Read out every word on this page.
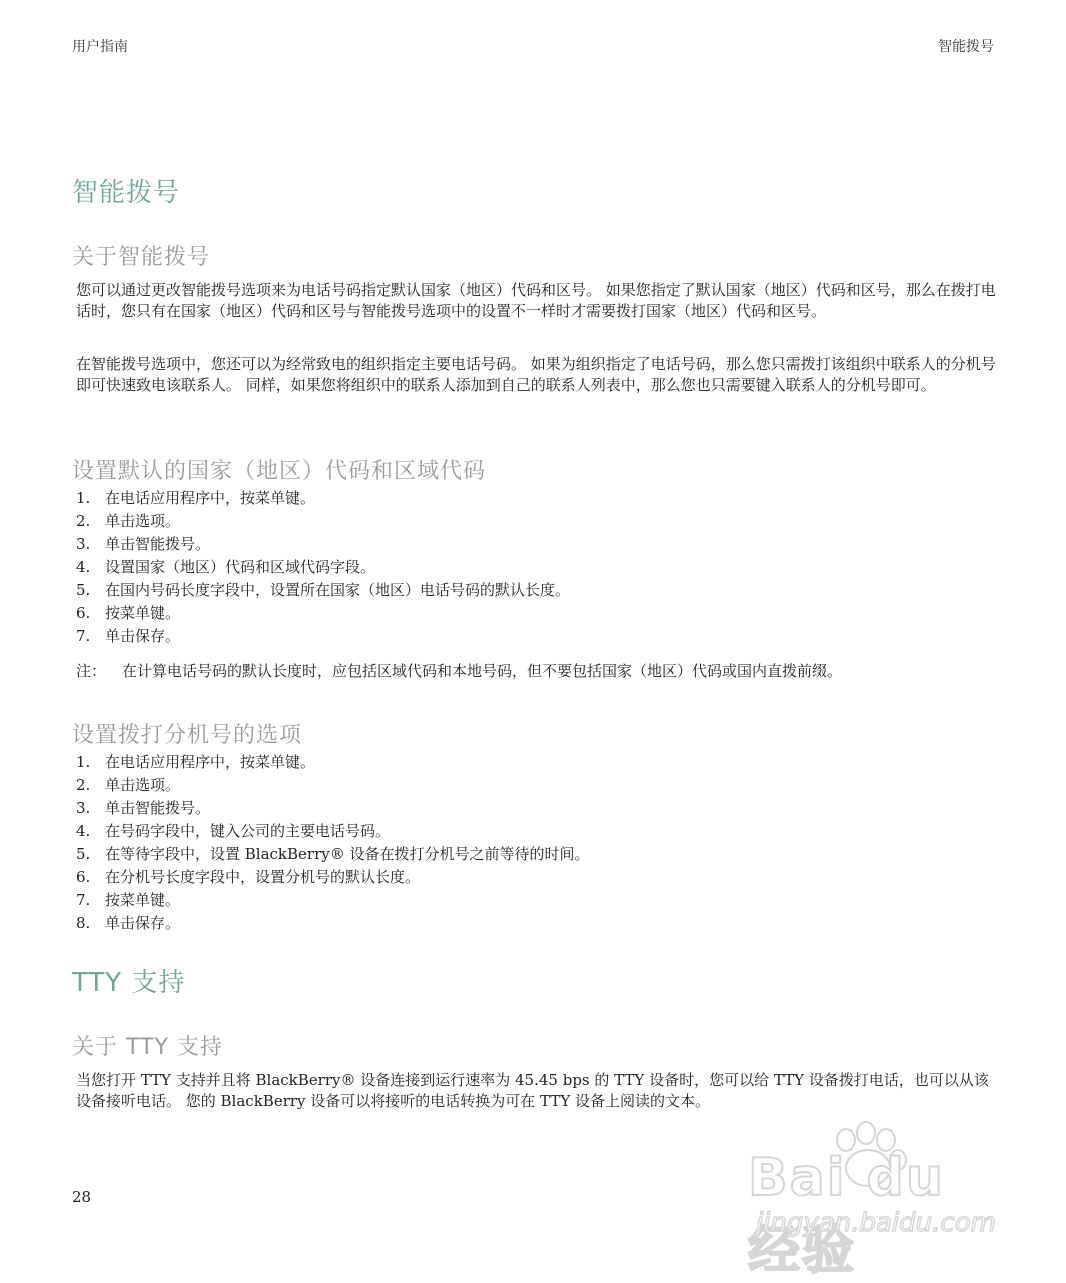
用户指南	智能拨号
智能拨号
关于智能拨号

您可以通过更改智能拨号选项来为电话号码指定默认国家（地区）代码和区号。 如果您指定了默认国家（地区）代码和区号，那么在拨打电话时，您只有在国家（地区）代码和区号与智能拨号选项中的设置不一样时才需要拨打国家（地区）代码和区号。

在智能拨号选项中，您还可以为经常致电的组织指定主要电话号码。 如果为组织指定了电话号码，那么您只需拨打该组织中联系人的分机号即可快速致电该联系人。 同样，如果您将组织中的联系人添加到自己的联系人列表中，那么您也只需要键入联系人的分机号即可。

设置默认的国家（地区）代码和区域代码
1. 在电话应用程序中，按菜单键。
2. 单击选项。
3. 单击智能拨号。
4. 设置国家（地区）代码和区域代码字段。
5. 在国内号码长度字段中，设置所在国家（地区）电话号码的默认长度。
6. 按菜单键。
7. 单击保存。

注： 在计算电话号码的默认长度时，应包括区域代码和本地号码，但不要包括国家（地区）代码或国内直拨前缀。

设置拨打分机号的选项
1. 在电话应用程序中，按菜单键。
2. 单击选项。
3. 单击智能拨号。
4. 在号码字段中，键入公司的主要电话号码。
5. 在等待字段中，设置 BlackBerry® 设备在拨打分机号之前等待的时间。
6. 在分机号长度字段中，设置分机号的默认长度。
7. 按菜单键。
8. 单击保存。
TTY 支持
关于 TTY 支持

当您打开 TTY 支持并且将 BlackBerry® 设备连接到运行速率为 45.45 bps 的 TTY 设备时，您可以给 TTY 设备拨打电话，也可以从该设备接听电话。 您的 BlackBerry 设备可以将接听的电话转换为可在 TTY 设备上阅读的文本。

28	Bai du 经验
jingyan.baidu.com
